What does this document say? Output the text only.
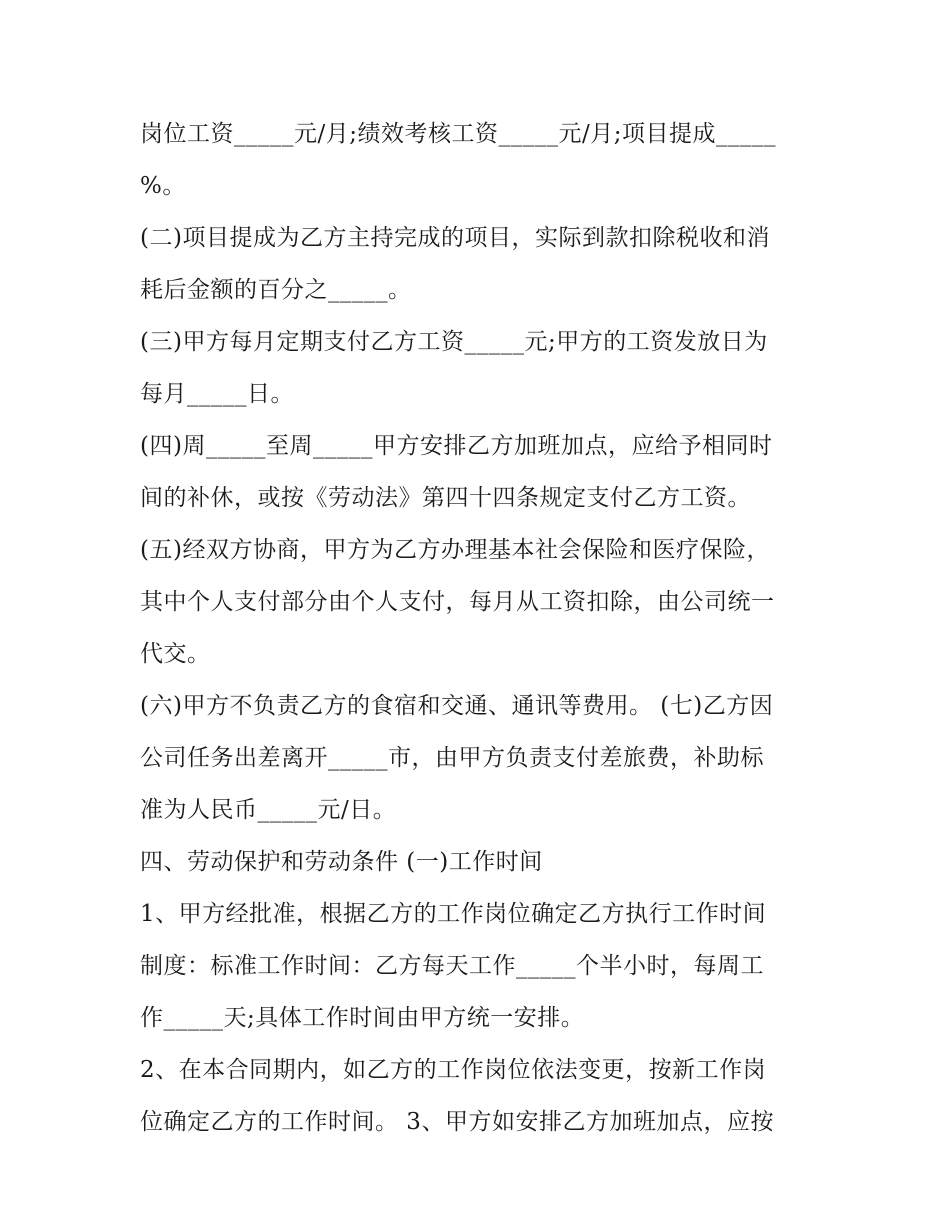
岗位工资_____元/月;绩效考核工资_____元/月;项目提成_____
%。
(二)项目提成为乙方主持完成的项目，实际到款扣除税收和消
耗后金额的百分之_____。
(三)甲方每月定期支付乙方工资_____元;甲方的工资发放日为
每月_____日。
(四)周_____至周_____甲方安排乙方加班加点，应给予相同时
间的补休，或按《劳动法》第四十四条规定支付乙方工资。
(五)经双方协商，甲方为乙方办理基本社会保险和医疗保险，
其中个人支付部分由个人支付，每月从工资扣除，由公司统一
代交。
(六)甲方不负责乙方的食宿和交通、通讯等费用。 (七)乙方因
公司任务出差离开_____市，由甲方负责支付差旅费，补助标
准为人民币_____元/日。
四、劳动保护和劳动条件 (一)工作时间
1、甲方经批准，根据乙方的工作岗位确定乙方执行工作时间
制度：标准工作时间：乙方每天工作_____个半小时，每周工
作_____天;具体工作时间由甲方统一安排。
2、在本合同期内，如乙方的工作岗位依法变更，按新工作岗
位确定乙方的工作时间。 3、甲方如安排乙方加班加点，应按
